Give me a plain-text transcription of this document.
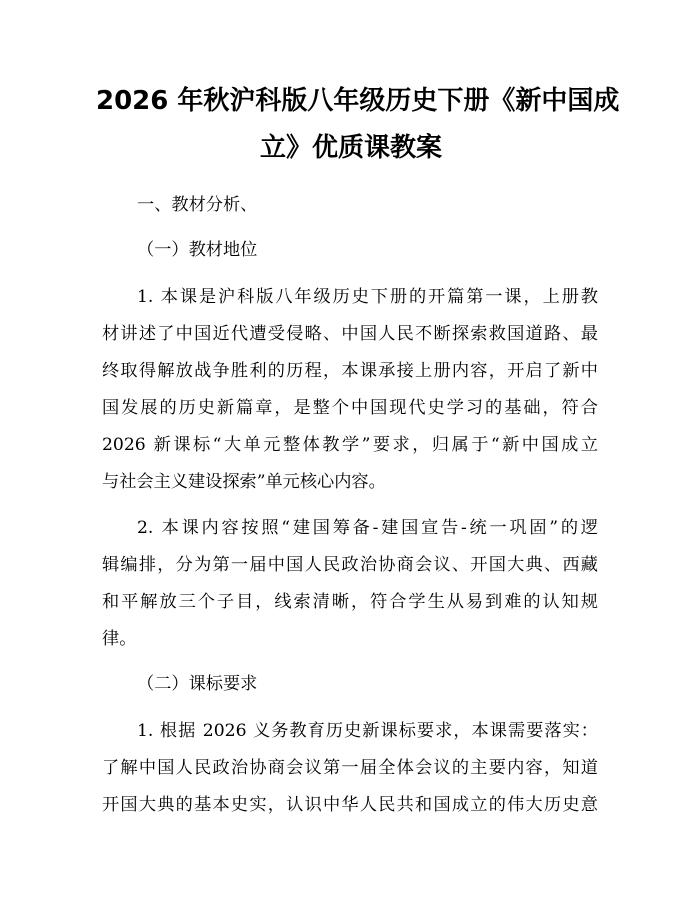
2026 年秋沪科版八年级历史下册《新中国成
立》优质课教案
一、教材分析、
（一）教材地位
1. 本课是沪科版八年级历史下册的开篇第一课，上册教
材讲述了中国近代遭受侵略、中国人民不断探索救国道路、最
终取得解放战争胜利的历程，本课承接上册内容，开启了新中
国发展的历史新篇章，是整个中国现代史学习的基础，符合
2026 新课标“大单元整体教学”要求，归属于“新中国成立
与社会主义建设探索”单元核心内容。
2. 本课内容按照“建国筹备-建国宣告-统一巩固”的逻
辑编排，分为第一届中国人民政治协商会议、开国大典、西藏
和平解放三个子目，线索清晰，符合学生从易到难的认知规
律。
（二）课标要求
1. 根据 2026 义务教育历史新课标要求，本课需要落实：
了解中国人民政治协商会议第一届全体会议的主要内容，知道
开国大典的基本史实，认识中华人民共和国成立的伟大历史意
